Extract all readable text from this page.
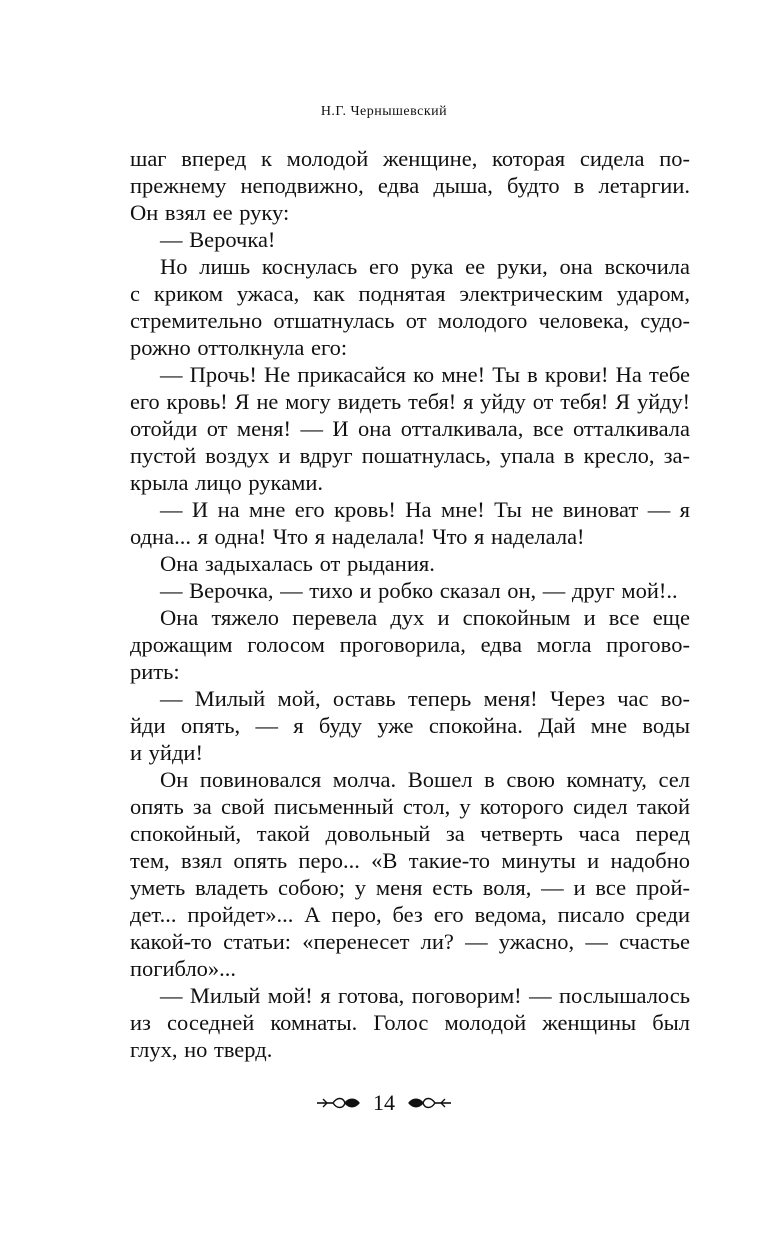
Н.Г. Чернышевский
шаг вперед к молодой женщине, которая сидела по-
прежнему неподвижно, едва дыша, будто в летаргии.
Он взял ее руку:
— Верочка!
Но лишь коснулась его рука ее руки, она вскочила
с криком ужаса, как поднятая электрическим ударом,
стремительно отшатнулась от молодого человека, судо-
рожно оттолкнула его:
— Прочь! Не прикасайся ко мне! Ты в крови! На тебе
его кровь! Я не могу видеть тебя! я уйду от тебя! Я уйду!
отойди от меня! — И она отталкивала, все отталкивала
пустой воздух и вдруг пошатнулась, упала в кресло, за-
крыла лицо руками.
— И на мне его кровь! На мне! Ты не виноват — я
одна... я одна! Что я наделала! Что я наделала!
Она задыхалась от рыдания.
— Верочка, — тихо и робко сказал он, — друг мой!..
Она тяжело перевела дух и спокойным и все еще
дрожащим голосом проговорила, едва могла проговo-
рить:
— Милый мой, оставь теперь меня! Через час во-
йди опять, — я буду уже спокойна. Дай мне воды
и уйди!
Он повиновался молча. Вошел в свою комнату, сел
опять за свой письменный стол, у которого сидел такой
спокойный, такой довольный за четверть часа перед
тем, взял опять перо... «В такие-то минуты и надобно
уметь владеть собою; у меня есть воля, — и все прой-
дет... пройдет»... А перо, без его ведома, писало среди
какой-то статьи: «перенесет ли? — ужасно, — счастье
погибло»...
— Милый мой! я готова, поговорим! — послышалось
из соседней комнаты. Голос молодой женщины был
глух, но тверд.
14
